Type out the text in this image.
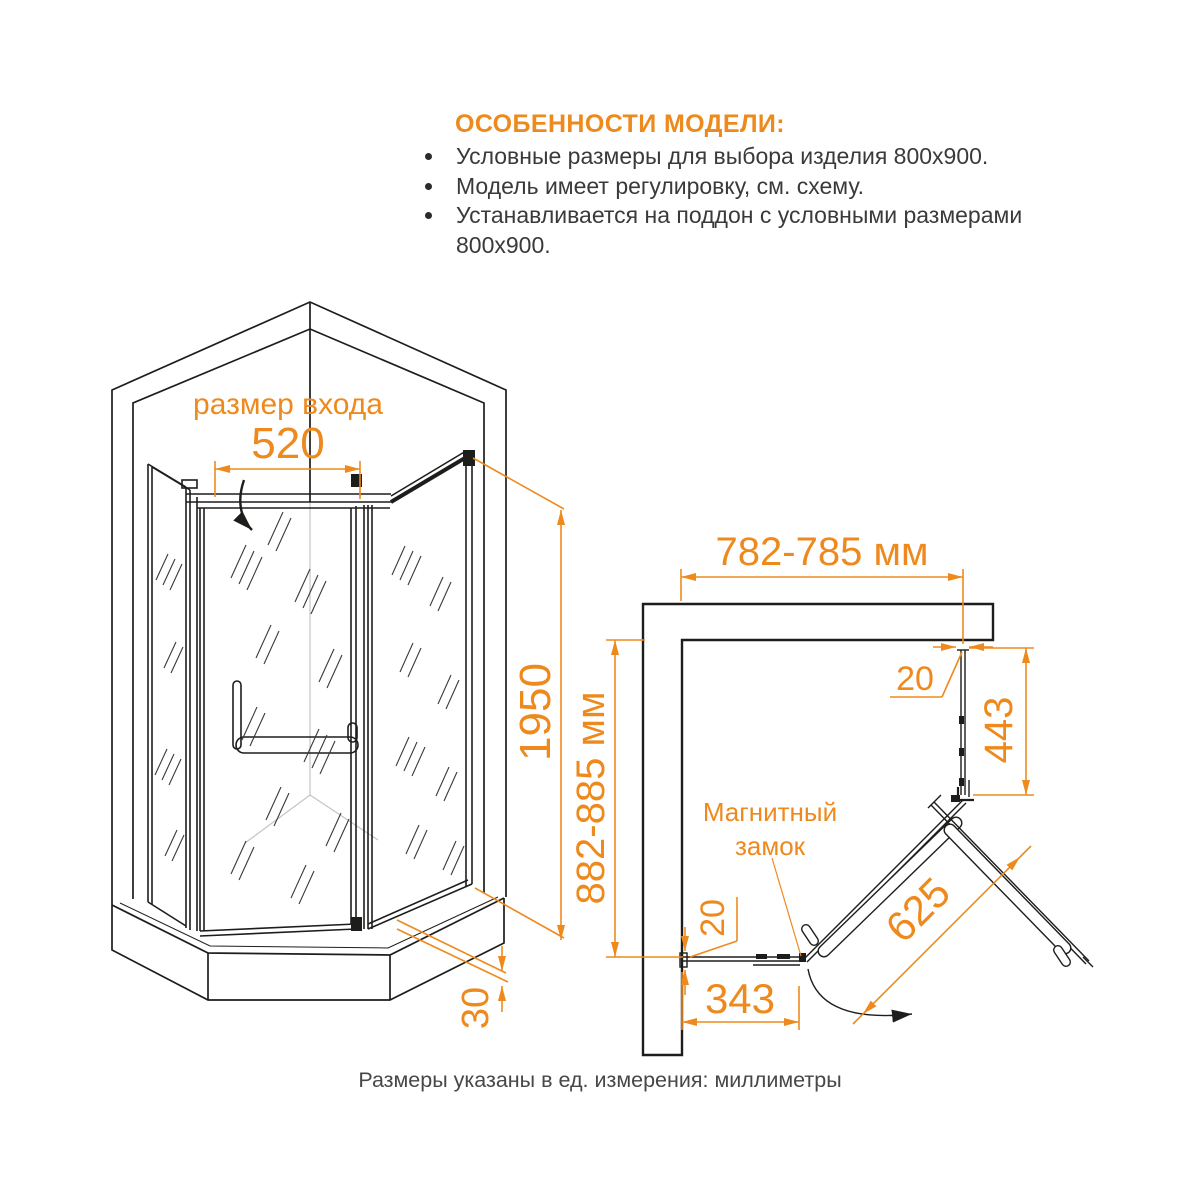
размер входа
520
1950
30
782-785 мм
882-885 мм	443
343
625
20
20
Магнитный
замок
ОСОБЕННОСТИ МОДЕЛИ:
Условные размеры для выбора изделия 800x900.
Модель имеет регулировку, см. схему.
Устанавливается на поддон с условными размерами
800x900.
Размеры указаны в ед. измерения: миллиметры
